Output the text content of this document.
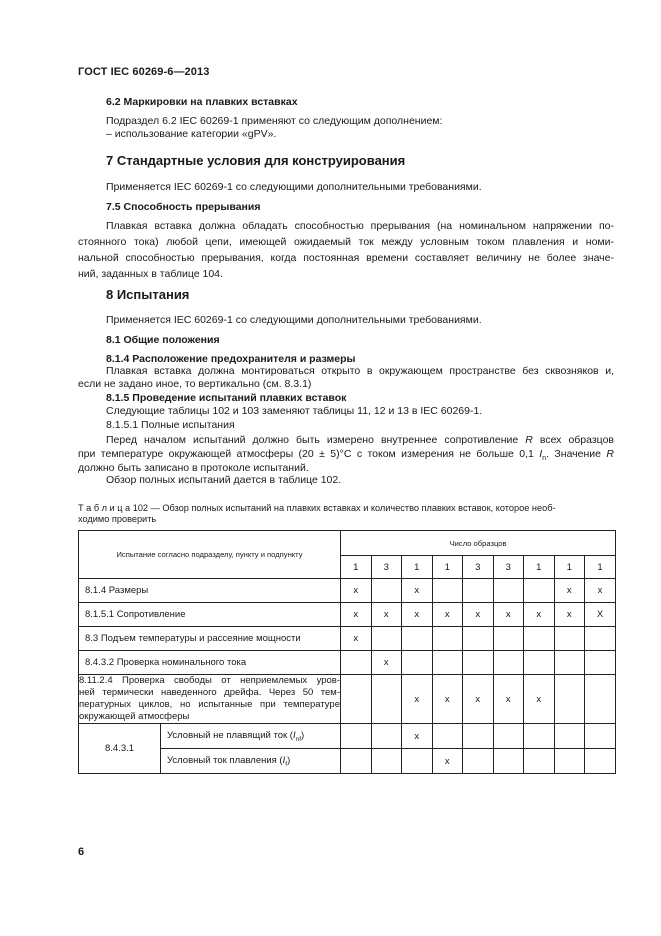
ГОСТ IEC 60269-6—2013
6.2 Маркировки на плавких вставках
Подраздел 6.2 IEC 60269-1 применяют со следующим дополнением:
– использование категории «gPV».
7 Стандартные условия для конструирования
Применяется IEC 60269-1 со следующими дополнительными требованиями.
7.5 Способность прерывания
Плавкая вставка должна обладать способностью прерывания (на номинальном напряжении по-
стоянного тока) любой цепи, имеющей ожидаемый ток между условным током плавления и номи-
нальной способностью прерывания, когда постоянная времени составляет величину не более значе-
ний, заданных в таблице 104.
8 Испытания
Применяется IEC 60269-1 со следующими дополнительными требованиями.
8.1 Общие положения
8.1.4 Расположение предохранителя и размеры
Плавкая вставка должна монтироваться открыто в окружающем пространстве без сквозняков и,
если не задано иное, то вертикально (см. 8.3.1)
8.1.5 Проведение испытаний плавких вставок
Следующие таблицы 102 и 103 заменяют таблицы 11, 12 и 13 в IEC 60269-1.
8.1.5.1 Полные испытания
Перед началом испытаний должно быть измерено внутреннее сопротивление R всех образцов
при температуре окружающей атмосферы (20 ± 5)°С с током измерения не больше 0,1 $I_n$. Значение R
должно быть записано в протоколе испытаний.
Обзор полных испытаний дается в таблице 102.
Т а б л и ц а 102 — Обзор полных испытаний на плавких вставках и количество плавких вставок, которое необ-
ходимо проверить
Испытание согласно подразделу, пункту и подпункту		Число образцов								
		1	3	1	1	3	3	1	1	1
8.1.4 Размеры		x		x					x	x
8.1.5.1 Сопротивление		x	x	x	x	x	x	x	x	X
8.3 Подъем температуры и рассеяние мощности		x								
8.4.3.2 Проверка номинального тока			x							

8.11.2.4 Проверка свободы от неприемлемых уров-
ней термически наведенного дрейфа. Через 50 тем-
пературных циклов, но испытанные при температуре
окружающей атмосферы				x	x	x	x	x		
8.4.3.1	Условный не плавящий ток $(I_{nf})$			x						
	Условный ток плавления $(I_f)$				x					
6
